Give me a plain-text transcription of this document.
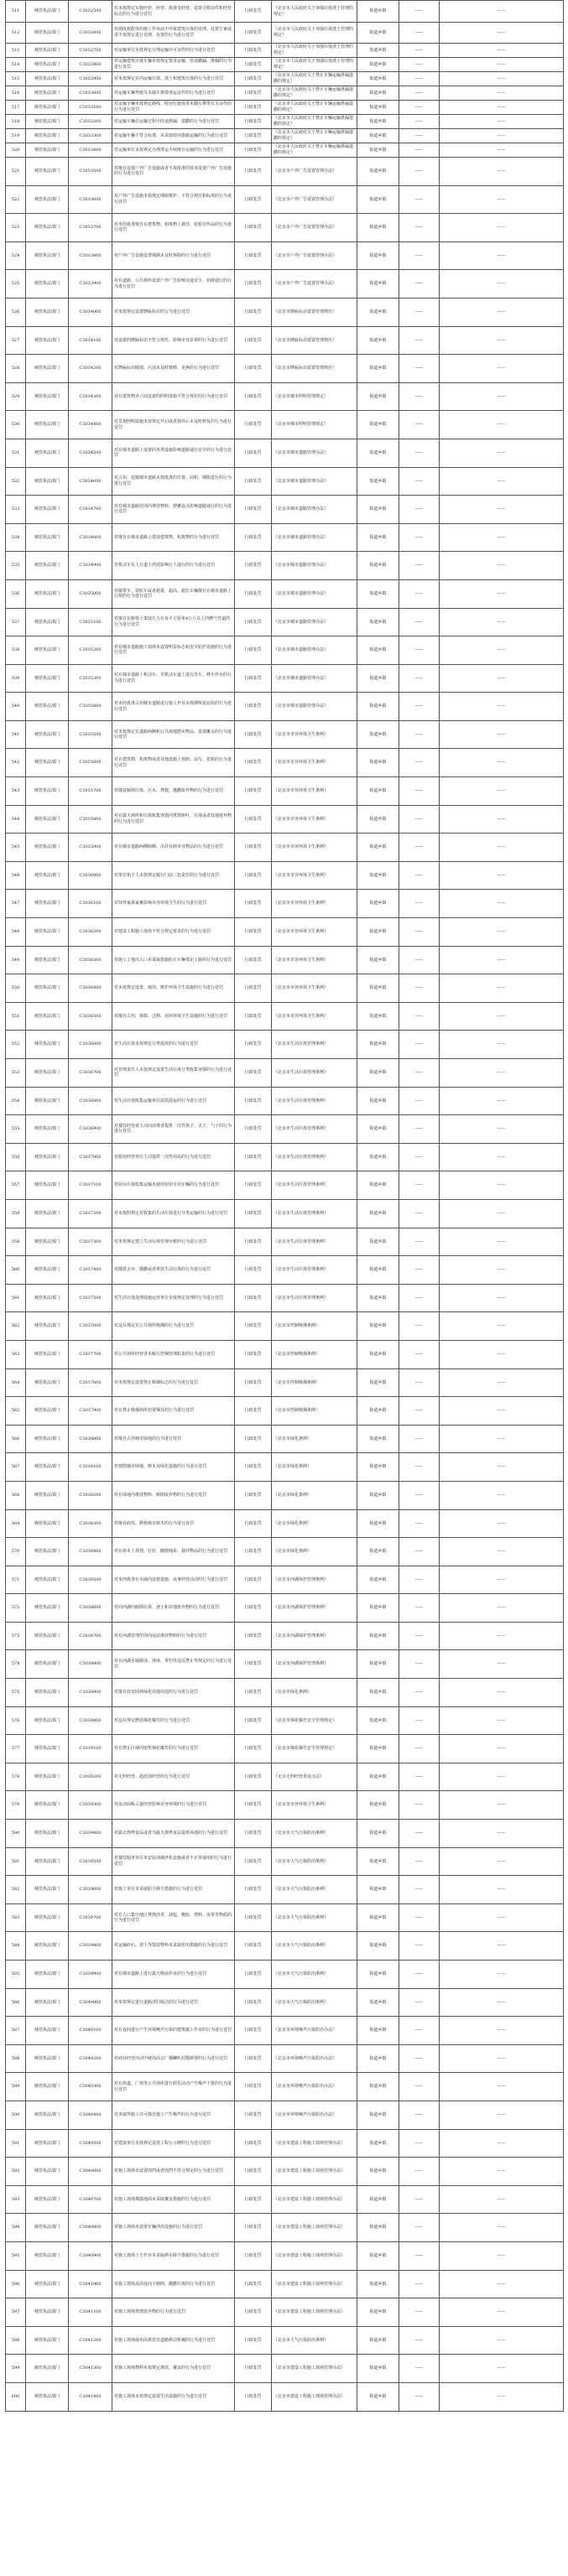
511	城管执法部门	C3032500	对未按规定实施经营、经营、批准受经营、设置合格证件和经营标志的行为进行处罚	行政处罚	《北京市人民政府关于加强垃圾渣土管理的规定》	街道乡镇	——	——
512	城管执法部门	C3032600	对调度权限外的施工作业前不申报建筑垃圾的处理、处置方案或者不按规定进行处理、处置的行为进行处罚	行政处罚	《北京市人民政府关于加强垃圾渣土管理的规定》	街道乡镇	——	——
513	城管执法部门	C3032700	对运输单位未按规定办理运输许可证件的行为进行处罚	行政处罚	《北京市人民政府关于加强垃圾渣土管理的规定》	街道乡镇	——	——
514	城管执法部门	C3032800	对运输建筑垃圾车辆未按规定要求运输，沿途撒漏、泄漏的行为进行处罚	行政处罚	《北京市人民政府关于加强垃圾渣土管理的规定》	街道乡镇	——	——
515	城管执法部门	C3032900	对未按规定在内运输垃圾、渣土和建筑垃圾的行为进行处罚	行政处罚	《北京市人民政府关于禁止车辆运输泄漏遗撒的规定》	街道乡镇	——	——
516	城管执法部门	C3033000	对运输车辆驾驶员未随车携带准运证件的行为进行处罚	行政处罚	《北京市人民政府关于禁止车辆运输泄漏遗撒的规定》	街道乡镇	——	——
517	城管执法部门	C3033100	对运输车辆未按规定路线、时间行驶或者未随车携带有关证件的行为进行处罚	行政处罚	《北京市人民政府关于禁止车辆运输泄漏遗撒的规定》	街道乡镇	——	——
518	城管执法部门	C3033200	对运输车辆在运输过程中沿途泄漏、遗撒的行为进行处罚	行政处罚	《北京市人民政府关于禁止车辆运输泄漏遗撒的规定》	街道乡镇	——	——
519	城管执法部门	C3033300	对运输车辆不符合标准、未采取密闭措施运输的行为进行处罚	行政处罚	《北京市人民政府关于禁止车辆运输泄漏遗撒的规定》	街道乡镇	——	——
520	城管执法部门	C3033400	对运输单位未按规定办理准运手续擅自运输的行为进行处罚	行政处罚	《北京市人民政府关于禁止车辆运输泄漏遗撒的规定》	街道乡镇	——	——
521	城管执法部门	C3033500	对擅自设置户外广告设施或者不按批准的要求设置户外广告设施的行为进行处罚	行政处罚	《北京市户外广告设置管理办法》	街道乡镇	——	——
522	城管执法部门	C3033600	对户外广告设施未按规定期限维护、不符合规范和标准的行为进行处罚	行政处罚	《北京市户外广告设置管理办法》	街道乡镇	——	——
523	城管执法部门	C3033700	对未经批准擅自在建筑物、构筑物上悬挂、张贴宣传品的行为进行处罚	行政处罚	《北京市户外广告设置管理办法》	街道乡镇	——	——
524	城管执法部门	C3033800	对户外广告设施设置期满未及时拆除的行为进行处罚	行政处罚	《北京市户外广告设置管理办法》	街道乡镇	——	——
525	城管执法部门	C3033900	对在道路、公共场所设置户外广告影响交通安全、妨碍通行的行为进行处罚	行政处罚	《北京市户外广告设置管理办法》	街道乡镇	——	——
526	城管执法部门	C3034000	对未按规定设置牌匾标识的行为进行处罚	行政处罚	《北京市牌匾标识设置管理规范》	街道乡镇	——	——
527	城管执法部门	C3034100	对设置的牌匾标识不符合规范、影响市容景观的行为进行处罚	行政处罚	《北京市牌匾标识设置管理规范》	街道乡镇	——	——
528	城管执法部门	C3034200	对牌匾标识破损、污浊未及时维修、更换的行为进行处罚	行政处罚	《北京市牌匾标识设置管理规范》	街道乡镇	——	——
529	城管执法部门	C3034300	对在建筑物外立面设置的照明设施不符合规范的行为进行处罚	行政处罚	《北京市城市照明管理规定》	街道乡镇	——	——
530	城管执法部门	C3034400	对景观照明设施未按规定开启或者损坏后未及时修复的行为进行处罚	行政处罚	《北京市城市照明管理规定》	街道乡镇	——	——
531	城管执法部门	C3034500	对在城市道路上设置的各类设施影响道路通行安全的行为进行处罚	行政处罚	《北京市城市道路管理办法》	街道乡镇	——	——
532	城管执法部门	C3034600	对占用、挖掘城市道路未按批准的位置、面积、期限进行的行为进行处罚	行政处罚	《北京市城市道路管理办法》	街道乡镇	——	——
533	城管执法部门	C3034700	对在城市道路范围内堆放物料、摆摊设点影响道路通行的行为进行处罚	行政处罚	《北京市城市道路管理办法》	街道乡镇	——	——
534	城管执法部门	C3034800	对擅自在城市道路上建设建筑物、构筑物的行为进行处罚	行政处罚	《北京市城市道路管理办法》	街道乡镇	——	——
535	城管执法部门	C3034900	对机动车在人行道上停放影响行人通行的行为进行处罚	行政处罚	《北京市城市道路管理办法》	街道乡镇	——	——
536	城管执法部门	C3035000	对履带车、铁轮车或者超重、超高、超长车辆擅自在城市道路上行驶的行为进行处罚	行政处罚	《北京市城市道路管理办法》	街道乡镇	——	——
537	城管执法部门	C3035100	对擅自在桥梁上架设压力在每平方厘米4公斤以上的燃气管道的行为进行处罚	行政处罚	《北京市城市道路管理办法》	街道乡镇	——	——
538	城管执法部门	C3035200	对在城市道路施工现场未设置明显标志和安全防护设施的行为进行处罚	行政处罚	《北京市城市道路管理办法》	街道乡镇	——	——
539	城管执法部门	C3035300	对在城市道路上机动车、非机动车道上进行洗车、修车作业的行为进行处罚	行政处罚	《北京市城市道路管理办法》	街道乡镇	——	——
540	城管执法部门	C3035400	对未经批准占用城市道路进行施工作业未按期恢复原状的行为进行处罚	行政处罚	《北京市城市道路管理办法》	街道乡镇	——	——
541	城管执法部门	C3035500	对未按规定在道路两侧和公共场地摆卖物品、设置摊点的行为进行处罚	行政处罚	《北京市市容环境卫生条例》	街道乡镇	——	——
542	城管执法部门	C3035600	对在建筑物、构筑物或者其他设施上刻画、涂写、张贴的行为进行处罚	行政处罚	《北京市市容环境卫生条例》	街道乡镇	——	——
543	城管执法部门	C3035700	对随意倾倒垃圾、污水、粪便，抛撒废弃物的行为进行处罚	行政处罚	《北京市市容环境卫生条例》	街道乡镇	——	——
544	城管执法部门	C3035800	对在露天场所和垃圾收集容器内焚烧树叶、垃圾或者其他废弃物的行为进行处罚	行政处罚	《北京市市容环境卫生条例》	街道乡镇	——	——
545	城管执法部门	C3035900	对在城市道路两侧晾晒、吊挂有碍市容物品的行为进行处罚	行政处罚	《北京市市容环境卫生条例》	街道乡镇	——	——
546	城管执法部门	C3036000	对单位和个人未按规定履行门前三包责任的行为进行处罚	行政处罚	《北京市市容环境卫生条例》	街道乡镇	——	——
547	城管执法部门	C3036100	对饲养家禽家畜影响市容环境卫生的行为进行处罚	行政处罚	《北京市市容环境卫生条例》	街道乡镇	——	——
548	城管执法部门	C3036200	对建设工程施工现场不符合规定要求的行为进行处罚	行政处罚	《北京市市容环境卫生条例》	街道乡镇	——	——
549	城管执法部门	C3036300	对施工工地出入口未采取措施防止车辆带泥上路的行为进行处罚	行政处罚	《北京市市容环境卫生条例》	街道乡镇	——	——
550	城管执法部门	C3036400	对未按规定设置、使用、维护环境卫生设施的行为进行处罚	行政处罚	《北京市市容环境卫生条例》	街道乡镇	——	——
551	城管执法部门	C3036500	对擅自占用、拆除、迁移、封闭环境卫生设施的行为进行处罚	行政处罚	《北京市市容环境卫生条例》	街道乡镇	——	——
552	城管执法部门	C3036600	对生活垃圾未按规定分类投放的行为进行处罚	行政处罚	《北京市生活垃圾管理条例》	街道乡镇	——	——
553	城管执法部门	C3036700	对管理责任人未按规定设置生活垃圾分类收集容器的行为进行处罚	行政处罚	《北京市生活垃圾管理条例》	街道乡镇	——	——
554	城管执法部门	C3036800	对生活垃圾收集运输单位混装混运的行为进行处罚	行政处罚	《北京市生活垃圾管理条例》	街道乡镇	——	——
555	城管执法部门	C3036900	对餐饮经营者主动向消费者提供一次性筷子、叉子、勺子的行为进行处罚	行政处罚	《北京市生活垃圾管理条例》	街道乡镇	——	——
556	城管执法部门	C3037000	对旅馆经营单位主动提供一次性用品的行为进行处罚	行政处罚	《北京市生活垃圾管理条例》	街道乡镇	——	——
557	城管执法部门	C3037100	对厨余垃圾收集运输未使用密闭专用车辆的行为进行处罚	行政处罚	《北京市生活垃圾管理条例》	街道乡镇	——	——
558	城管执法部门	C3037200	对未按照规定对收集的生活垃圾进行分类运输的行为进行处罚	行政处罚	《北京市生活垃圾管理条例》	街道乡镇	——	——
559	城管执法部门	C3037300	对未按规定建立生活垃圾管理台账的行为进行处罚	行政处罚	《北京市生活垃圾管理条例》	街道乡镇	——	——
560	城管执法部门	C3037400	对随意丢弃、抛撒或者堆放生活垃圾的行为进行处罚	行政处罚	《北京市生活垃圾管理条例》	街道乡镇	——	——
561	城管执法部门	C3037500	对生活垃圾处理设施运营单位未按规定处理的行为进行处罚	行政处罚	《北京市生活垃圾管理条例》	街道乡镇	——	——
562	城管执法部门	C3037600	对违反规定在公共场所吸烟的行为进行处罚	行政处罚	《北京市控制吸烟条例》	街道乡镇	——	——
563	城管执法部门	C3037700	对公共场所经营者未履行控烟管理职责的行为进行处罚	行政处罚	《北京市控制吸烟条例》	街道乡镇	——	——
564	城管执法部门	C3037800	对未按规定设置禁止吸烟标志的行为进行处罚	行政处罚	《北京市控制吸烟条例》	街道乡镇	——	——
565	城管执法部门	C3037900	对在禁止吸烟场所放置烟具的行为进行处罚	行政处罚	《北京市控制吸烟条例》	街道乡镇	——	——
566	城管执法部门	C3038000	对擅自占用城市绿地的行为进行处罚	行政处罚	《北京市绿化条例》	街道乡镇	——	——
567	城管执法部门	C3038100	对损毁城市绿地、树木及绿化设施的行为进行处罚	行政处罚	《北京市绿化条例》	街道乡镇	——	——
568	城管执法部门	C3038200	对在绿地内堆放物料、倾倒废弃物的行为进行处罚	行政处罚	《北京市绿化条例》	街道乡镇	——	——
569	城管执法部门	C3038300	对擅自砍伐、移植城市树木的行为进行处罚	行政处罚	《北京市绿化条例》	街道乡镇	——	——
570	城管执法部门	C3038400	对在树木上刻划、钉钉、缠绕绳索、悬挂物品的行为进行处罚	行政处罚	《北京市绿化条例》	街道乡镇	——	——
571	城管执法部门	C3038500	对未经批准在水域内设置设施、从事经营活动的行为进行处罚	行政处罚	《北京市河湖保护管理条例》	街道乡镇	——	——
572	城管执法部门	C3038600	对向河湖内倾倒垃圾、渣土和其他废弃物的行为进行处罚	行政处罚	《北京市河湖保护管理条例》	街道乡镇	——	——
573	城管执法部门	C3038700	对在河湖管理范围内违法堆放物料的行为进行处罚	行政处罚	《北京市河湖保护管理条例》	街道乡镇	——	——
574	城管执法部门	C3038800	对在河湖水域游泳、滑冰、垂钓等违反禁止性规定的行为进行处罚	行政处罚	《北京市河湖保护管理条例》	街道乡镇	——	——
575	城管执法部门	C3038900	对擅自改变园林绿化用地用途的行为进行处罚	行政处罚	《北京市绿化条例》	街道乡镇	——	——
576	城管执法部门	C3039000	对违反规定燃放烟花爆竹的行为进行处罚	行政处罚	《北京市烟花爆竹安全管理规定》	街道乡镇	——	——
577	城管执法部门	C3039100	对在禁止区域内销售烟花爆竹的行为进行处罚	行政处罚	《北京市烟花爆竹安全管理规定》	街道乡镇	——	——
578	城管执法部门	C3039200	对无照经营、超范围经营的行为进行处罚	行政处罚	《无证无照经营查处办法》	街道乡镇	——	——
579	城管执法部门	C3039300	对流动商贩占道经营影响市容环境的行为进行处罚	行政处罚	《北京市市容环境卫生条例》	街道乡镇	——	——
580	城管执法部门	C3039400	对露天烧烤食品或者为露天烧烤食品提供场地的行为进行处罚	行政处罚	《北京市大气污染防治条例》	街道乡镇	——	——
581	城管执法部门	C3039500	对餐饮服务单位未安装油烟净化设施或者不正常使用的行为进行处罚	行政处罚	《北京市大气污染防治条例》	街道乡镇	——	——
582	城管执法部门	C3039600	对施工单位未采取防尘降尘措施的行为进行处罚	行政处罚	《北京市大气污染防治条例》	街道乡镇	——	——
583	城管执法部门	C3039700	对在人口集中地区焚烧沥青、油毡、橡胶、塑料、皮革等物质的行为进行处罚	行政处罚	《北京市大气污染防治条例》	街道乡镇	——	——
584	城管执法部门	C3039800	对运输砂石、渣土等散装物料未采取密闭措施的行为进行处罚	行政处罚	《北京市大气污染防治条例》	街道乡镇	——	——
585	城管执法部门	C3039900	对在城市道路上进行露天喷涂作业的行为进行处罚	行政处罚	《北京市大气污染防治条例》	街道乡镇	——	——
586	城管执法部门	C3040000	对未按规定进行道路清扫保洁的行为进行处罚	行政处罚	《北京市大气污染防治条例》	街道乡镇	——	——
587	城管执法部门	C3040100	对在夜间进行产生环境噪声污染的建筑施工作业的行为进行处罚	行政处罚	《北京市环境噪声污染防治办法》	街道乡镇	——	——
588	城管执法部门	C3040200	对商业经营活动中使用高音广播喇叭招揽顾客的行为进行处罚	行政处罚	《北京市环境噪声污染防治办法》	街道乡镇	——	——
589	城管执法部门	C3040300	对在街道、广场等公共场所进行娱乐活动产生噪声干扰的行为进行处罚	行政处罚	《北京市环境噪声污染防治办法》	街道乡镇	——	——
590	城管执法部门	C3040400	对未取得施工许可擅自施工产生噪声的行为进行处罚	行政处罚	《北京市环境噪声污染防治办法》	街道乡镇	——	——
591	城管执法部门	C3040500	对建设单位未按规定设置工程公示牌的行为进行处罚	行政处罚	《北京市建设工程施工现场管理办法》	街道乡镇	——	——
592	城管执法部门	C3040600	对施工现场未设置围挡或者围挡不符合规定的行为进行处罚	行政处罚	《北京市建设工程施工现场管理办法》	街道乡镇	——	——
593	城管执法部门	C3040700	对施工现场裸露地面未采取覆盖措施的行为进行处罚	行政处罚	《北京市建设工程施工现场管理办法》	街道乡镇	——	——
594	城管执法部门	C3040800	对施工现场未设置车辆冲洗设施的行为进行处罚	行政处罚	《北京市建设工程施工现场管理办法》	街道乡镇	——	——
595	城管执法部门	C3040900	对施工现场土方作业未采取洒水降尘措施的行为进行处罚	行政处罚	《北京市建设工程施工现场管理办法》	街道乡镇	——	——
596	城管执法部门	C3041000	对施工现场从高处向下倾倒、抛撒垃圾的行为进行处罚	行政处罚	《北京市建设工程施工现场管理办法》	街道乡镇	——	——
597	城管执法部门	C3041100	对施工现场焚烧废弃物的行为进行处罚	行政处罚	《北京市建设工程施工现场管理办法》	街道乡镇	——	——
598	城管执法部门	C3041200	对施工现场使用高排放非道路移动机械的行为进行处罚	行政处罚	《北京市大气污染防治条例》	街道乡镇	——	——
599	城管执法部门	C3041300	对施工现场物料未按规定堆放、覆盖的行为进行处罚	行政处罚	《北京市建设工程施工现场管理办法》	街道乡镇	——	——
600	城管执法部门	C3041400	对施工现场未按规定设置生活设施的行为进行处罚	行政处罚	《北京市建设工程施工现场管理办法》	街道乡镇	——	——
